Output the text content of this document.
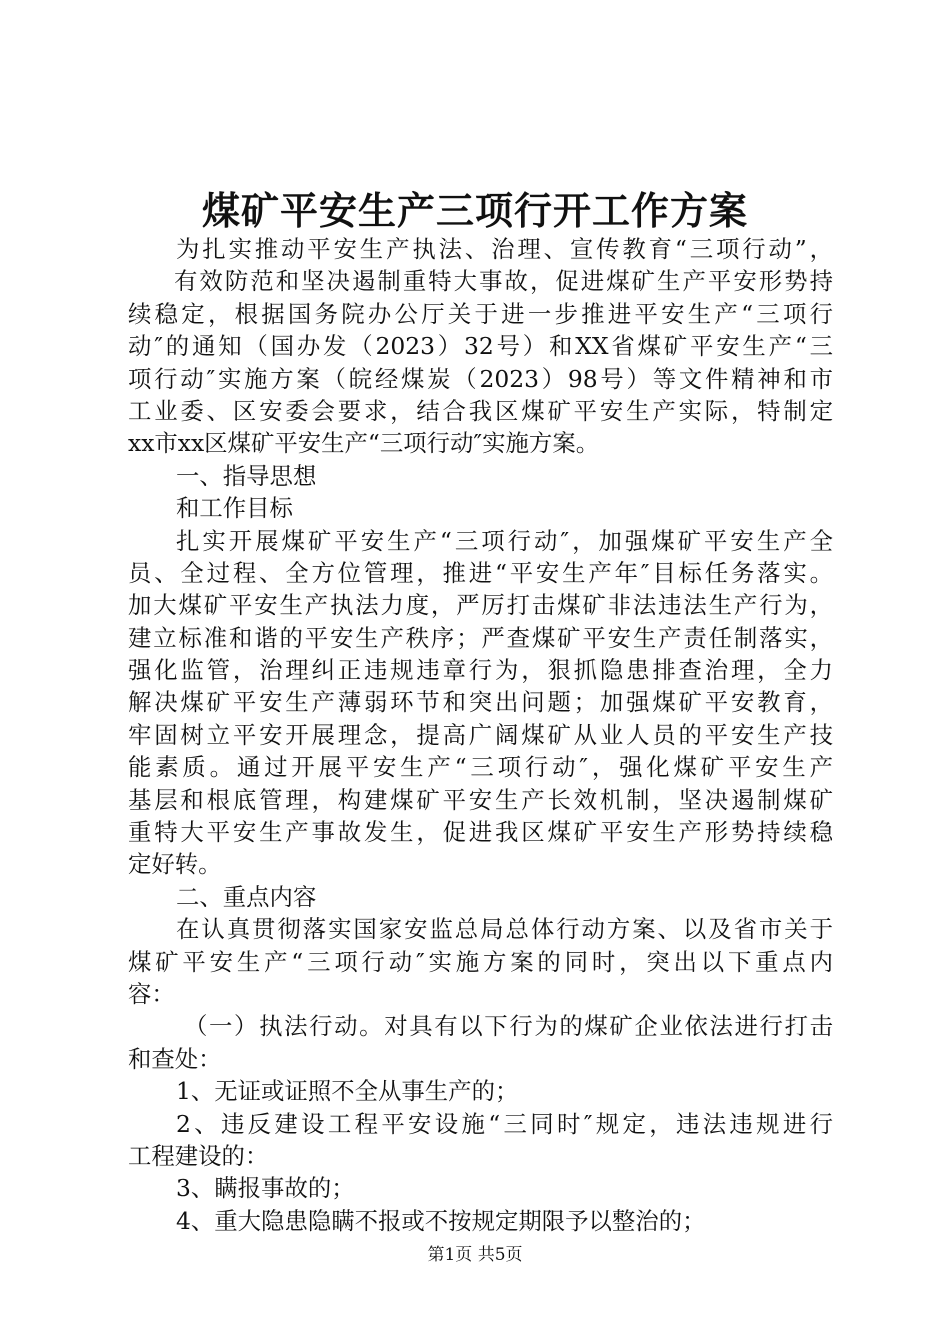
煤矿平安生产三项行开工作方案
为扎实推动平安生产执法、治理、宣传教育“三项行动”，
有效防范和坚决遏制重特大事故，促进煤矿生产平安形势持
续稳定，根据国务院办公厅关于进一步推进平安生产“三项行
动″的通知（国办发（2023）32号）和XX省煤矿平安生产“三
项行动″实施方案（皖经煤炭（2023）98号）等文件精神和市
工业委、区安委会要求，结合我区煤矿平安生产实际，特制定
xx市xx区煤矿平安生产“三项行动″实施方案。
一、指导思想
和工作目标
扎实开展煤矿平安生产“三项行动″，加强煤矿平安生产全
员、全过程、全方位管理，推进“平安生产年″目标任务落实。
加大煤矿平安生产执法力度，严厉打击煤矿非法违法生产行为，
建立标准和谐的平安生产秩序；严查煤矿平安生产责任制落实，
强化监管，治理纠正违规违章行为，狠抓隐患排查治理，全力
解决煤矿平安生产薄弱环节和突出问题；加强煤矿平安教育，
牢固树立平安开展理念，提高广阔煤矿从业人员的平安生产技
能素质。通过开展平安生产“三项行动″，强化煤矿平安生产
基层和根底管理，构建煤矿平安生产长效机制，坚决遏制煤矿
重特大平安生产事故发生，促进我区煤矿平安生产形势持续稳
定好转。
二、重点内容
在认真贯彻落实国家安监总局总体行动方案、以及省市关于
煤矿平安生产“三项行动″实施方案的同时，突出以下重点内
容：
（一）执法行动。对具有以下行为的煤矿企业依法进行打击
和查处：
1、无证或证照不全从事生产的；
2、违反建设工程平安设施“三同时″规定，违法违规进行
工程建设的：
3、瞒报事故的；
4、重大隐患隐瞒不报或不按规定期限予以整治的；

第1页 共5页
